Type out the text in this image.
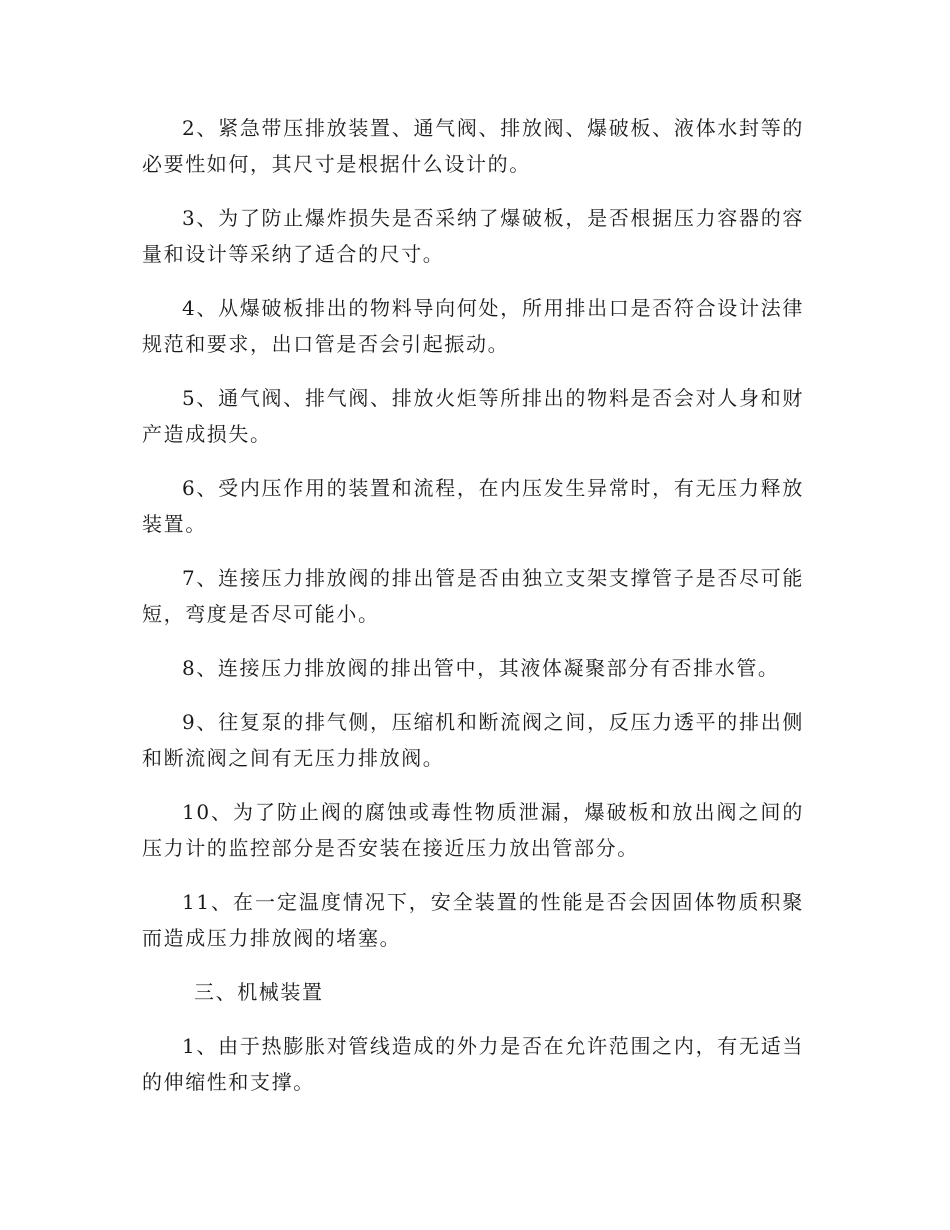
2、紧急带压排放装置、通气阀、排放阀、爆破板、液体水封等的必要性如何，其尺寸是根据什么设计的。

3、为了防止爆炸损失是否采纳了爆破板，是否根据压力容器的容量和设计等采纳了适合的尺寸。

4、从爆破板排出的物料导向何处，所用排出口是否符合设计法律规范和要求，出口管是否会引起振动。

5、通气阀、排气阀、排放火炬等所排出的物料是否会对人身和财产造成损失。

6、受内压作用的装置和流程，在内压发生异常时，有无压力释放装置。

7、连接压力排放阀的排出管是否由独立支架支撑管子是否尽可能短，弯度是否尽可能小。

8、连接压力排放阀的排出管中，其液体凝聚部分有否排水管。

9、往复泵的排气侧，压缩机和断流阀之间，反压力透平的排出侧和断流阀之间有无压力排放阀。

10、为了防止阀的腐蚀或毒性物质泄漏，爆破板和放出阀之间的压力计的监控部分是否安装在接近压力放出管部分。

11、在一定温度情况下，安全装置的性能是否会因固体物质积聚而造成压力排放阀的堵塞。

三、机械装置

1、由于热膨胀对管线造成的外力是否在允许范围之内，有无适当的伸缩性和支撑。
